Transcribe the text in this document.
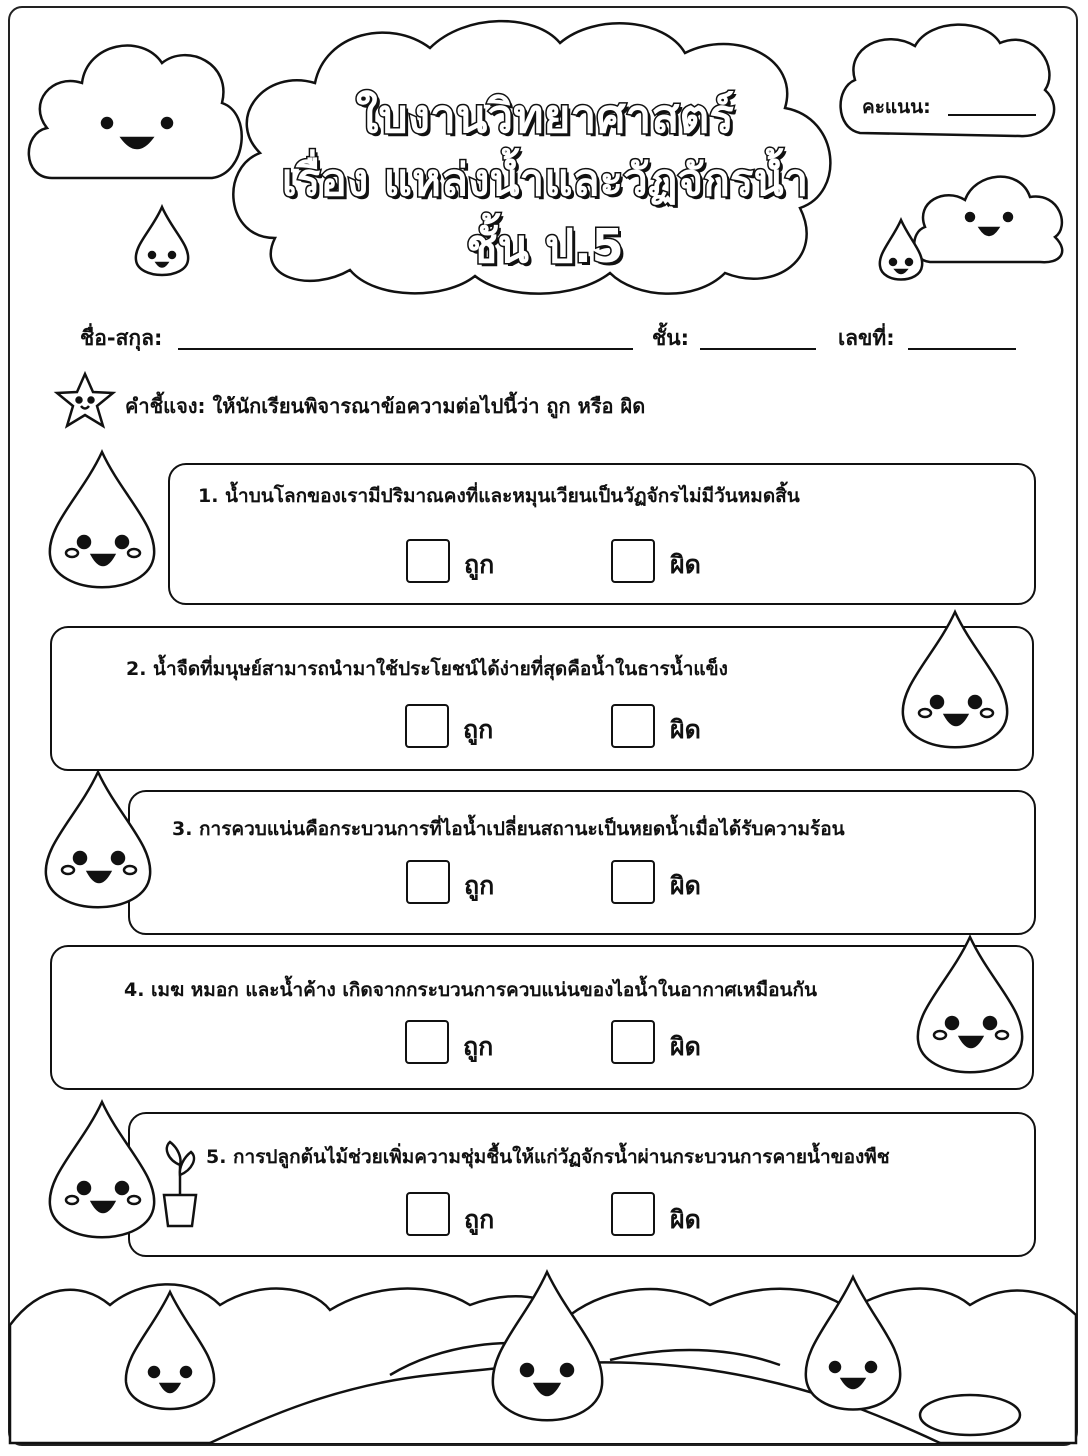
ใบงานวิทยาศาสตร์
เรื่อง แหล่งน้ำและวัฏจักรน้ำ
ชั้น ป.5
คะแนน:
ชื่อ-สกุล:	ชั้น:	เลขที่:
คำชี้แจง: ให้นักเรียนพิจารณาข้อความต่อไปนี้ว่า ถูก หรือ ผิด
1. น้ำบนโลกของเรามีปริมาณคงที่และหมุนเวียนเป็นวัฏจักรไม่มีวันหมดสิ้น
ถูก	ผิด
2. น้ำจืดที่มนุษย์สามารถนำมาใช้ประโยชน์ได้ง่ายที่สุดคือน้ำในธารน้ำแข็ง
ถูก	ผิด
3. การควบแน่นคือกระบวนการที่ไอน้ำเปลี่ยนสถานะเป็นหยดน้ำเมื่อได้รับความร้อน
ถูก	ผิด
4. เมฆ หมอก และน้ำค้าง เกิดจากกระบวนการควบแน่นของไอน้ำในอากาศเหมือนกัน
ถูก	ผิด
5. การปลูกต้นไม้ช่วยเพิ่มความชุ่มชื้นให้แก่วัฏจักรน้ำผ่านกระบวนการคายน้ำของพืช
ถูก	ผิด
